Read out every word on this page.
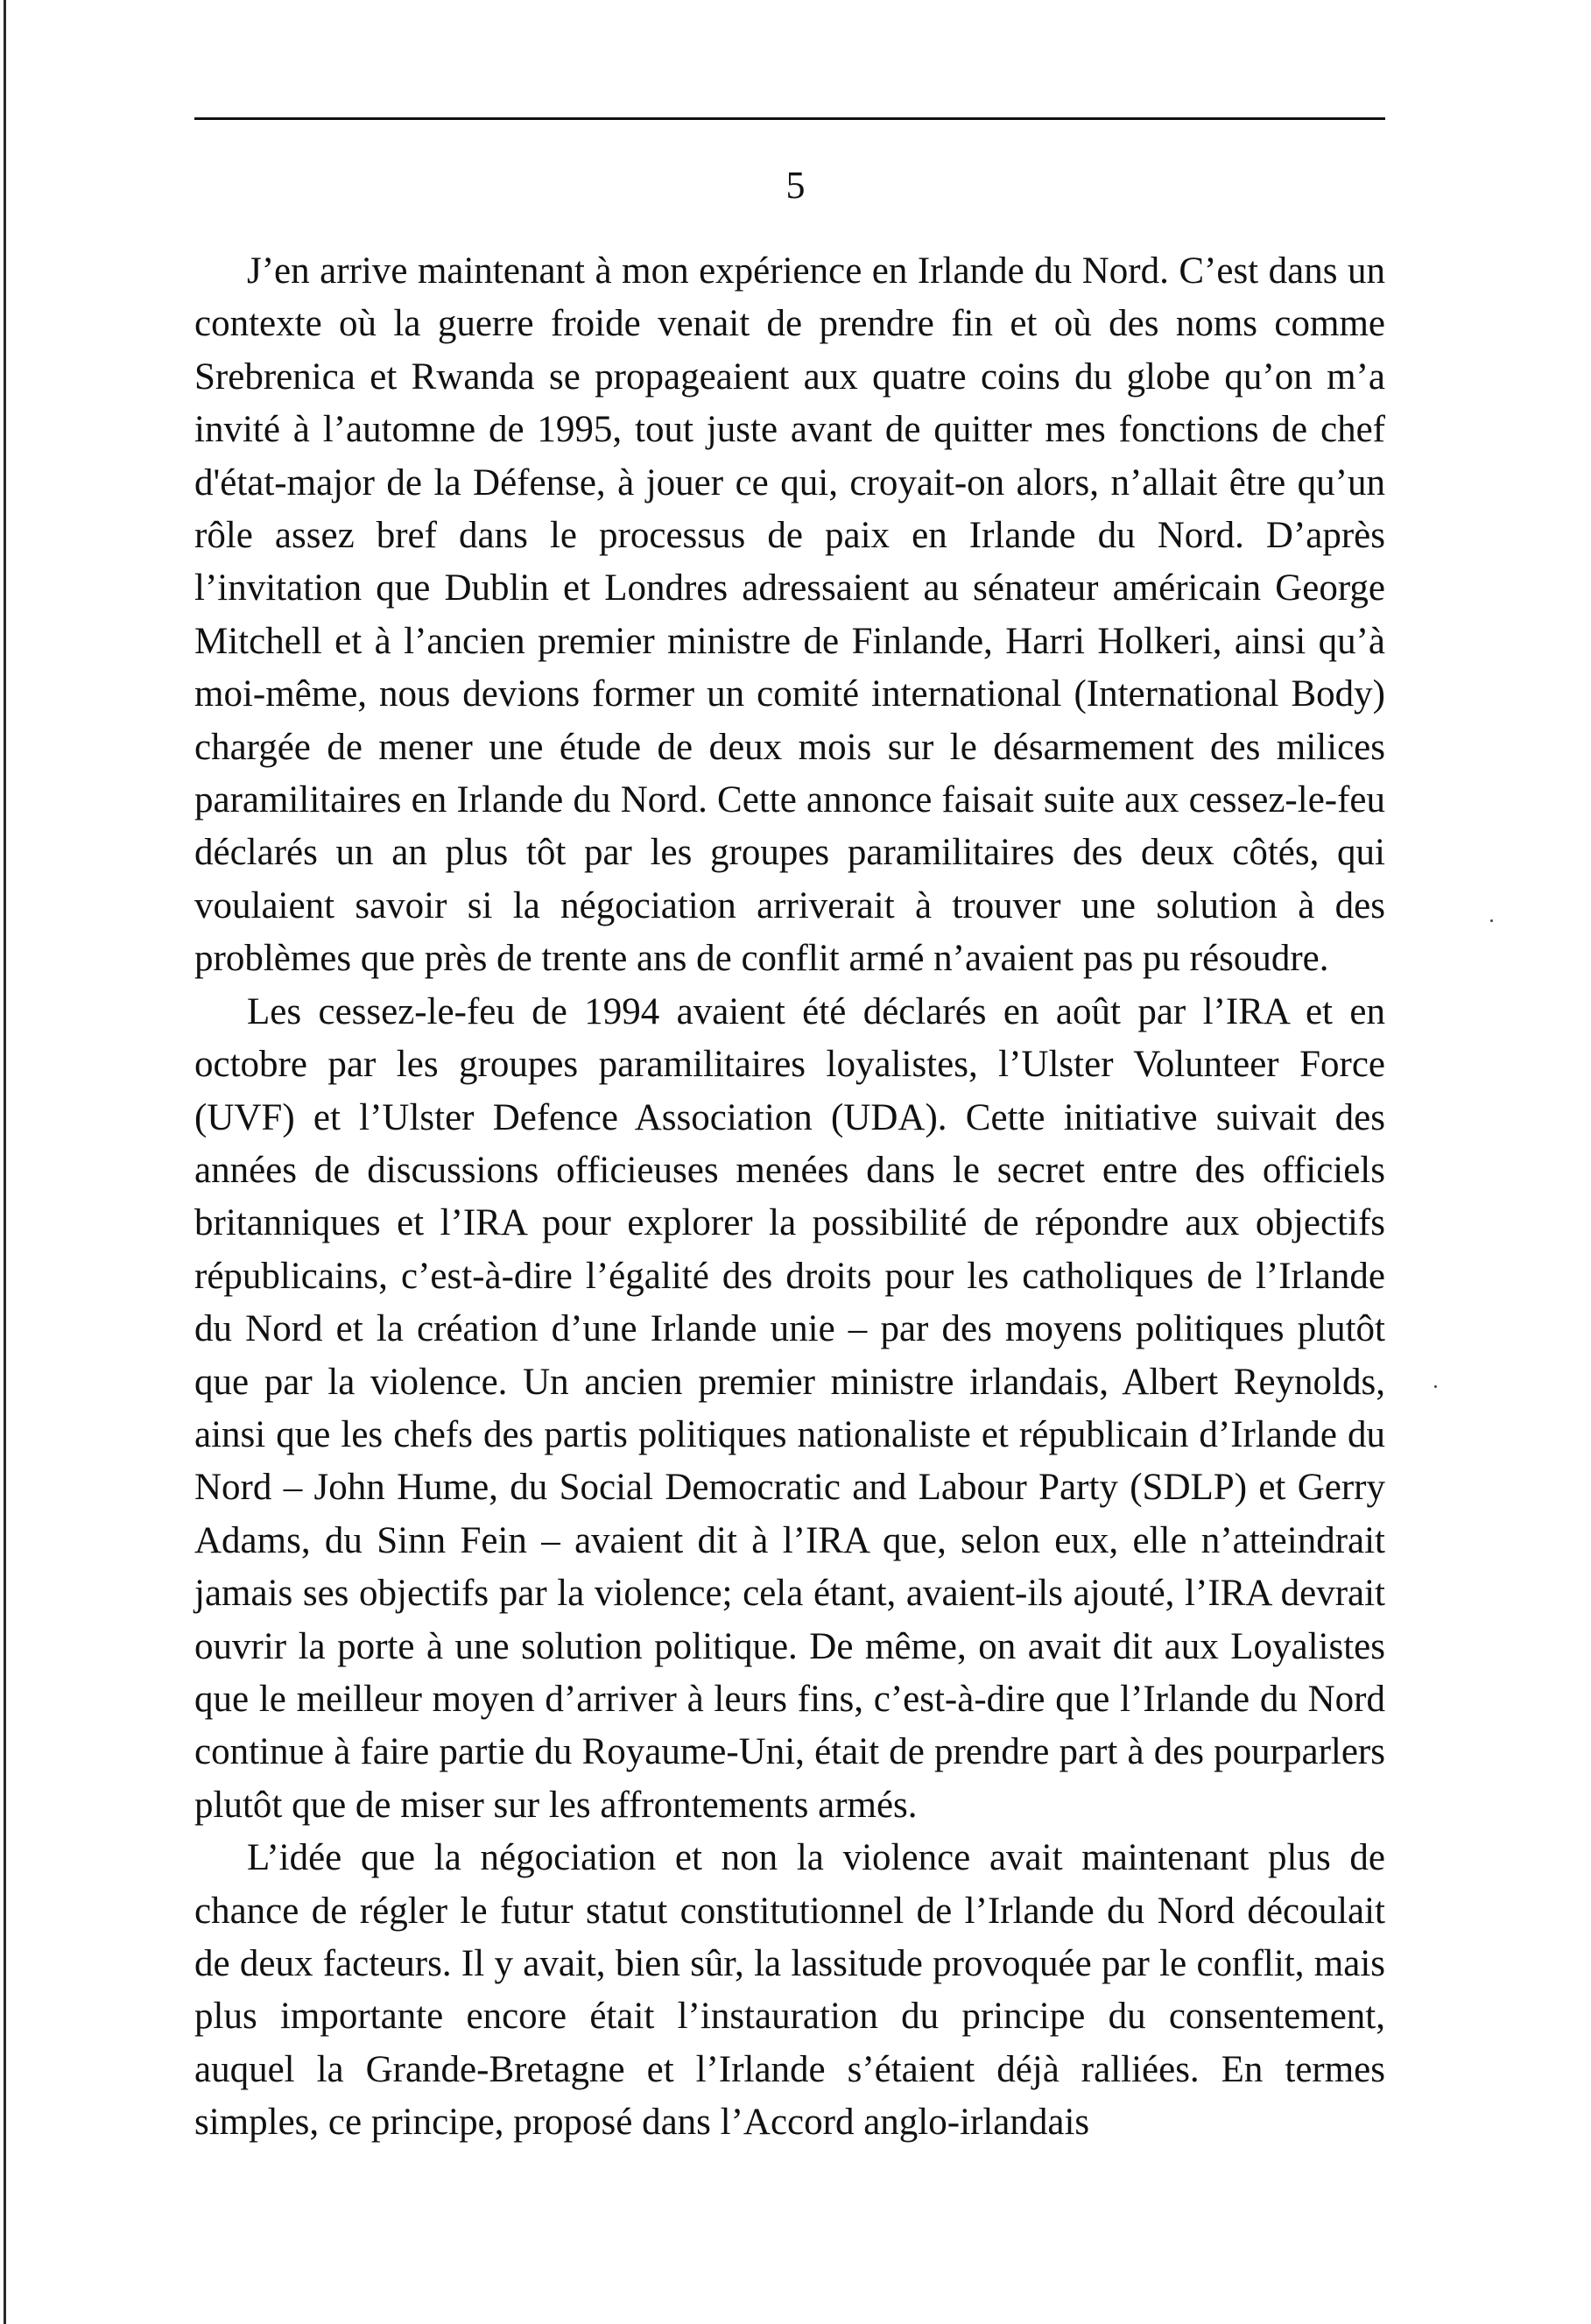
5

J’en arrive maintenant à mon expérience en Irlande du Nord. C’est dans un contexte où la guerre froide venait de prendre fin et où des noms comme Srebrenica et Rwanda se propageaient aux quatre coins du globe qu’on m’a invité à l’automne de 1995, tout juste avant de quitter mes fonctions de chef d'état-major de la Défense, à jouer ce qui, croyait-on alors, n’allait être qu’un rôle assez bref dans le processus de paix en Irlande du Nord. D’après l’invitation que Dublin et Londres adressaient au sénateur américain George Mitchell et à l’ancien premier ministre de Finlande, Harri Holkeri, ainsi qu’à moi-même, nous devions former un comité international (International Body) chargée de mener une étude de deux mois sur le désarmement des milices paramilitaires en Irlande du Nord. Cette annonce faisait suite aux cessez-le-feu déclarés un an plus tôt par les groupes paramilitaires des deux côtés, qui voulaient savoir si la négociation arriverait à trouver une solution à des problèmes que près de trente ans de conflit armé n’avaient pas pu résoudre.

Les cessez-le-feu de 1994 avaient été déclarés en août par l’IRA et en octobre par les groupes paramilitaires loyalistes, l’Ulster Volunteer Force (UVF) et l’Ulster Defence Association (UDA). Cette initiative suivait des années de discussions officieuses menées dans le secret entre des officiels britanniques et l’IRA pour explorer la possibilité de répondre aux objectifs républicains, c’est-à-dire l’égalité des droits pour les catholiques de l’Irlande du Nord et la création d’une Irlande unie – par des moyens politiques plutôt que par la violence. Un ancien premier ministre irlandais, Albert Reynolds, ainsi que les chefs des partis politiques nationaliste et républicain d’Irlande du Nord – John Hume, du Social Democratic and Labour Party (SDLP) et Gerry Adams, du Sinn Fein – avaient dit à l’IRA que, selon eux, elle n’atteindrait jamais ses objectifs par la violence; cela étant, avaient-ils ajouté, l’IRA devrait ouvrir la porte à une solution politique. De même, on avait dit aux Loyalistes que le meilleur moyen d’arriver à leurs fins, c’est-à-dire que l’Irlande du Nord continue à faire partie du Royaume-Uni, était de prendre part à des pourparlers plutôt que de miser sur les affrontements armés.

L’idée que la négociation et non la violence avait maintenant plus de chance de régler le futur statut constitutionnel de l’Irlande du Nord découlait de deux facteurs. Il y avait, bien sûr, la lassitude provoquée par le conflit, mais plus importante encore était l’instauration du principe du consentement, auquel la Grande-Bretagne et l’Irlande s’étaient déjà ralliées. En termes simples, ce principe, proposé dans l’Accord anglo-irlandais
